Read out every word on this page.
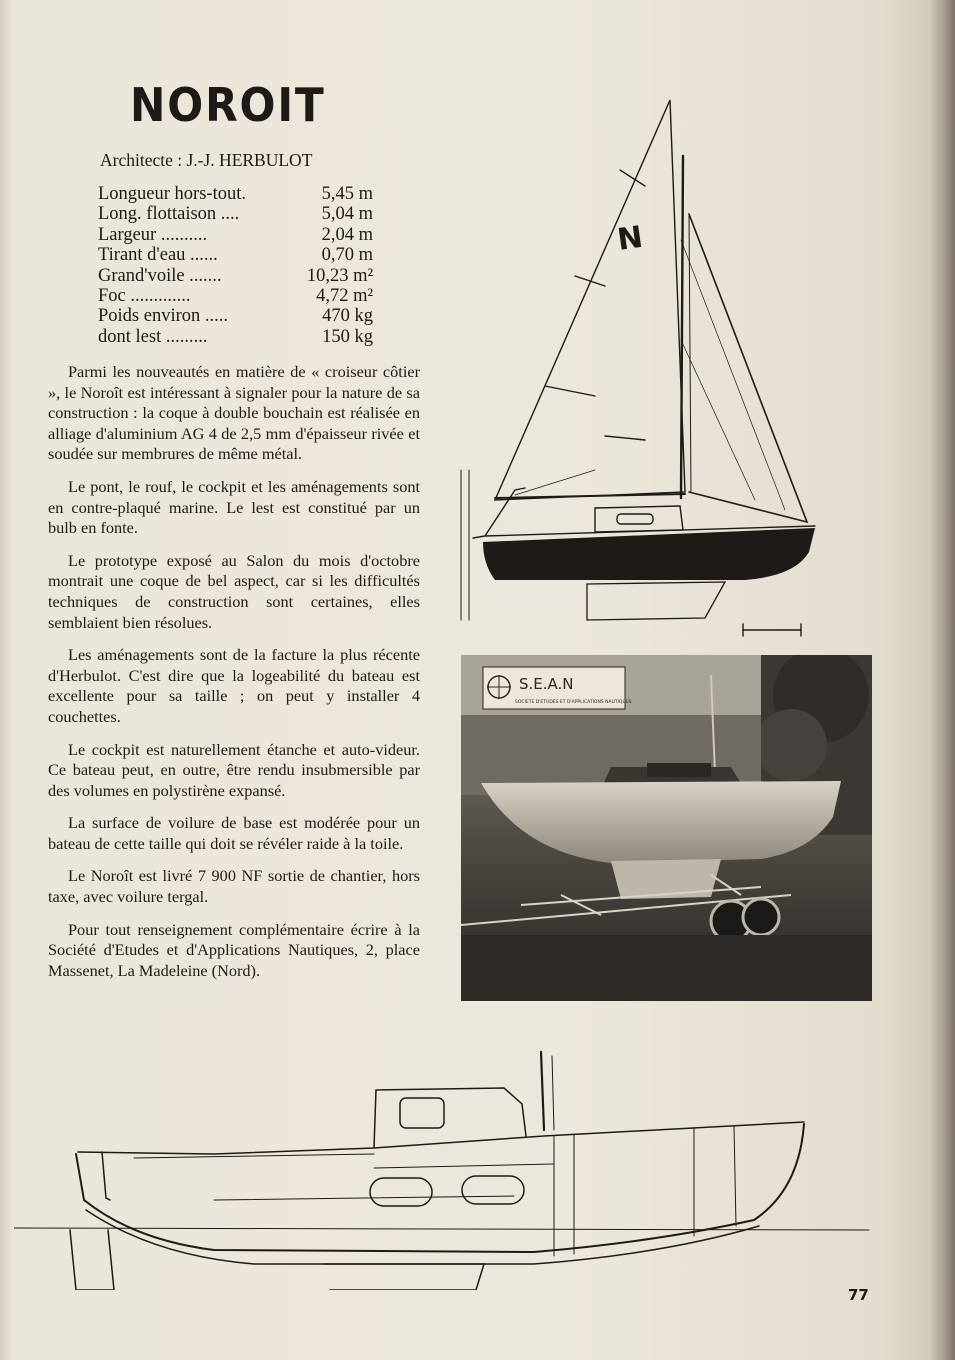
NOROIT
Architecte : J.-J. HERBULOT
Longueur hors-tout.	5,45 m
Long. flottaison ....	5,04 m
Largeur ..........	2,04 m
Tirant d'eau ......	0,70 m
Grand'voile .......	10,23 m²
Foc .............	4,72 m²
Poids environ .....	470 kg
dont lest .........	150 kg

Parmi les nouveautés en matière de « croiseur côtier », le Noroît est intéressant à signaler pour la nature de sa construction : la coque à double bouchain est réalisée en alliage d'aluminium AG 4 de 2,5 mm d'épaisseur rivée et soudée sur membrures de même métal.

Le pont, le rouf, le cockpit et les aménagements sont en contre-plaqué marine. Le lest est constitué par un bulb en fonte.

Le prototype exposé au Salon du mois d'octobre montrait une coque de bel aspect, car si les difficultés techniques de construction sont certaines, elles semblaient bien résolues.

Les aménagements sont de la facture la plus récente d'Herbulot. C'est dire que la logeabilité du bateau est excellente pour sa taille ; on peut y installer 4 couchettes.

Le cockpit est naturellement étanche et auto-videur. Ce bateau peut, en outre, être rendu insubmersible par des volumes en polystirène expansé.

La surface de voilure de base est modérée pour un bateau de cette taille qui doit se révéler raide à la toile.

Le Noroît est livré 7 900 NF sortie de chantier, hors taxe, avec voilure tergal.

Pour tout renseignement complémentaire écrire à la Société d'Etudes et d'Applications Nautiques, 2, place Massenet, La Madeleine (Nord).

N
S.E.A.N
SOCIETE D'ETUDES ET D'APPLICATIONS NAUTIQUES
77
